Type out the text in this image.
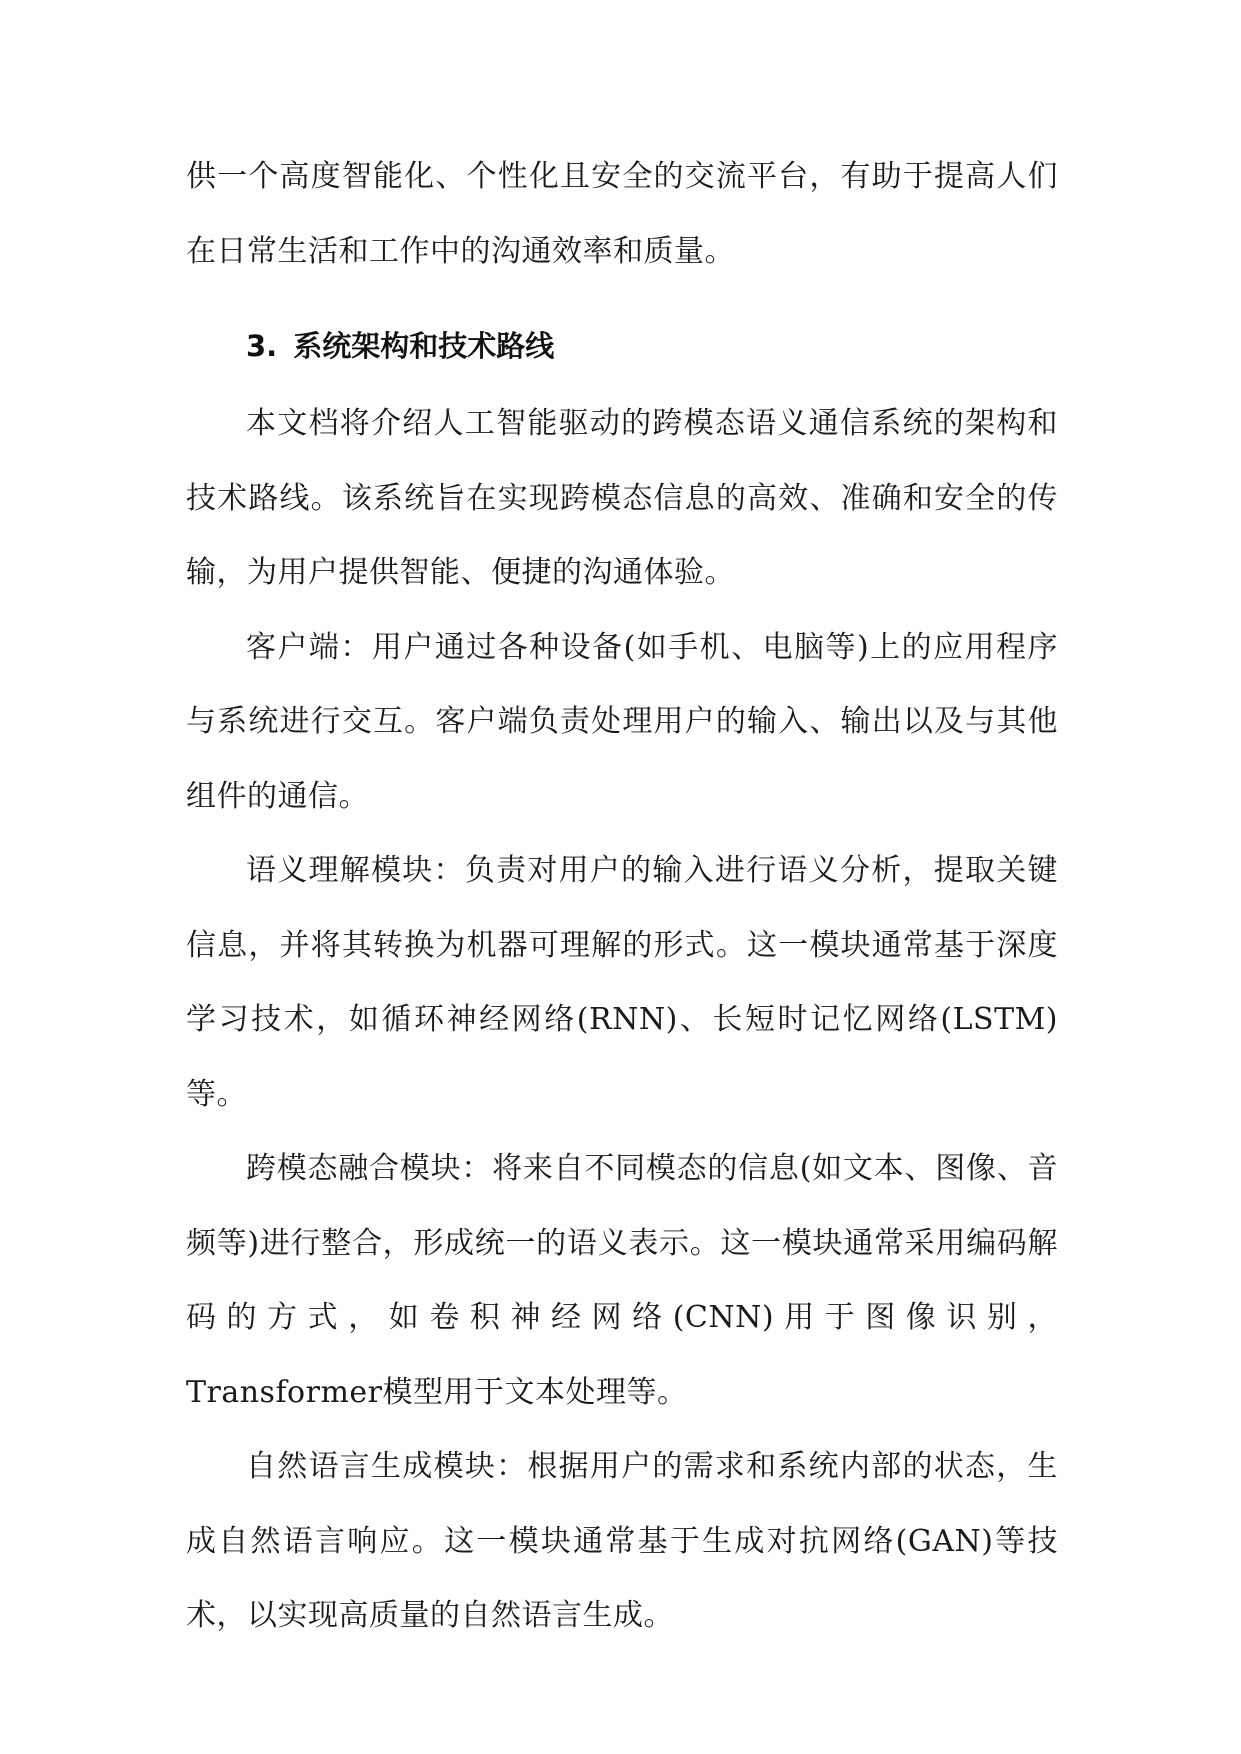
供一个高度智能化、个性化且安全的交流平台，有助于提高人们在日常生活和工作中的沟通效率和质量。

3. 系统架构和技术路线

本文档将介绍人工智能驱动的跨模态语义通信系统的架构和技术路线。该系统旨在实现跨模态信息的高效、准确和安全的传输，为用户提供智能、便捷的沟通体验。

客户端：用户通过各种设备(如手机、电脑等)上的应用程序与系统进行交互。客户端负责处理用户的输入、输出以及与其他组件的通信。

语义理解模块：负责对用户的输入进行语义分析，提取关键信息，并将其转换为机器可理解的形式。这一模块通常基于深度学习技术，如循环神经网络(RNN)、长短时记忆网络(LSTM)等。

跨模态融合模块：将来自不同模态的信息(如文本、图像、音频等)进行整合，形成统一的语义表示。这一模块通常采用编码解码的方式，如卷积神经网络(CNN)用于图像识别，Transformer模型用于文本处理等。

自然语言生成模块：根据用户的需求和系统内部的状态，生成自然语言响应。这一模块通常基于生成对抗网络(GAN)等技术，以实现高质量的自然语言生成。
